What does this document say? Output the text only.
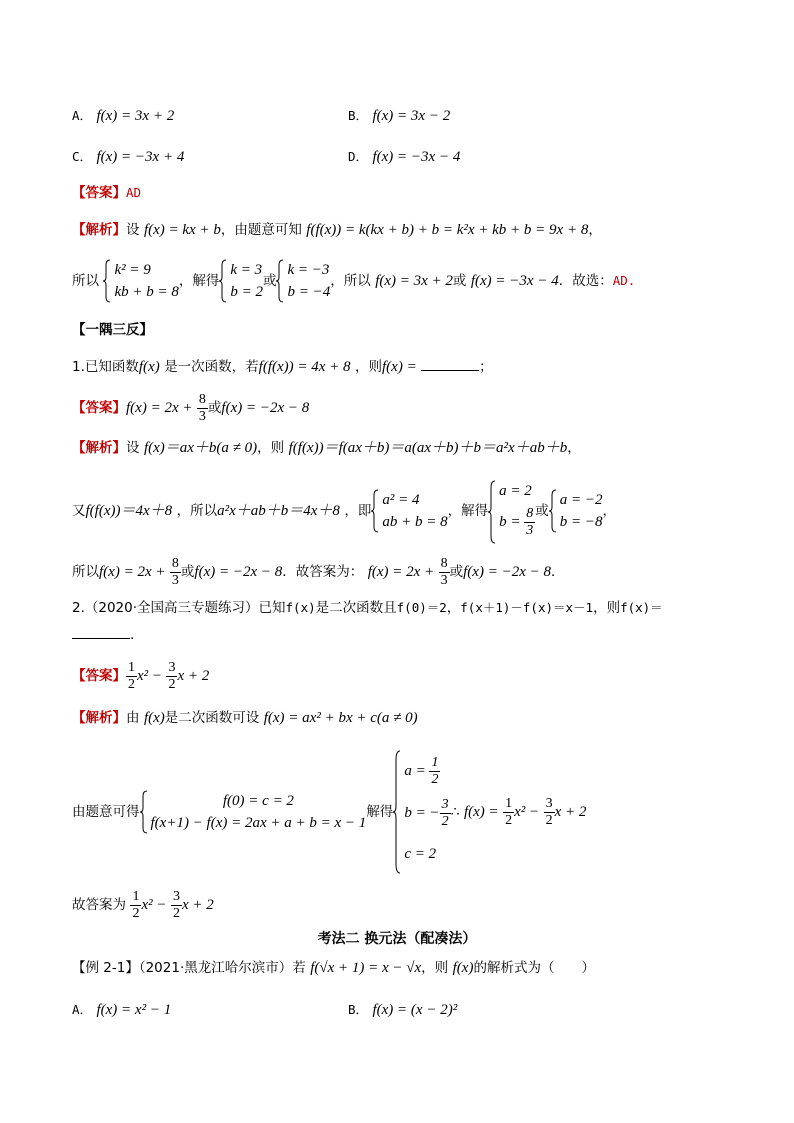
A． f(x) = 3x + 2	B． f(x) = 3x − 2
C． f(x) = −3x + 4	D． f(x) = −3x − 4
【答案】AD
【解析】设 f(x) = kx + b，由题意可知 f(f(x)) = k(kx + b) + b = k²x + kb + b = 9x + 8，
所以
k² = 9
kb + b = 8
，解得
k = 3
b = 2
或
k = −3
b = −4
，所以 f(x) = 3x + 2或 f(x) = −3x − 4．故选：AD.
【一隅三反】
1.已知函数f(x) 是一次函数，若f(f(x)) = 4x + 8 ，则f(x) =	；
【答案】$f(x) = 2x + \frac{8}{3}$ 或f(x) = −2x − 8
【解析】设 f(x)＝ax＋b(a ≠ 0)，则 f(f(x))＝f(ax＋b)＝a(ax＋b)＋b＝a²x＋ab＋b，
又f(f(x))＝4x＋8 ，所以a²x＋ab＋b＝4x＋8 ，即
a² = 4
ab + b = 8
，解得
a = 2
$b = \frac{8}{3}$ 或
a = −2
b = −8
，
所以$f(x) = 2x + \frac{8}{3}$ 或f(x) = −2x − 8．故答案为： $f(x) = 2x + \frac{8}{3}$ 或f(x) = −2x − 8．
2.（2020·全国高三专题练习）已知f(x)是二次函数且f(0)＝2，f(x＋1)－f(x)＝x－1，则f(x)＝
.
【答案】 $\frac{1}{2} x^2 - \frac{3}{2}$ x + 2
【解析】由 f(x)是二次函数可设 f(x) = ax² + bx + c(a ≠ 0)
由题意可得
f(0) = c = 2
f(x+1) − f(x) = 2ax + a + b = x − 1
解得
$a = \frac{1}{2}$
b = − $\frac{3}{2}$
c = 2
∴ $f(x) = \frac{1}{2} x^2 - \frac{3}{2}$ x + 2
故答案为 $\frac{1}{2} x^2 - \frac{3}{2}$ x + 2
考法二 换元法（配凑法）
【例 2-1】（2021·黑龙江哈尔滨市）若 f(√x + 1) = x − √x，则 f(x)的解析式为（　　）
A． f(x) = x² − 1	B． f(x) = (x − 2)²
